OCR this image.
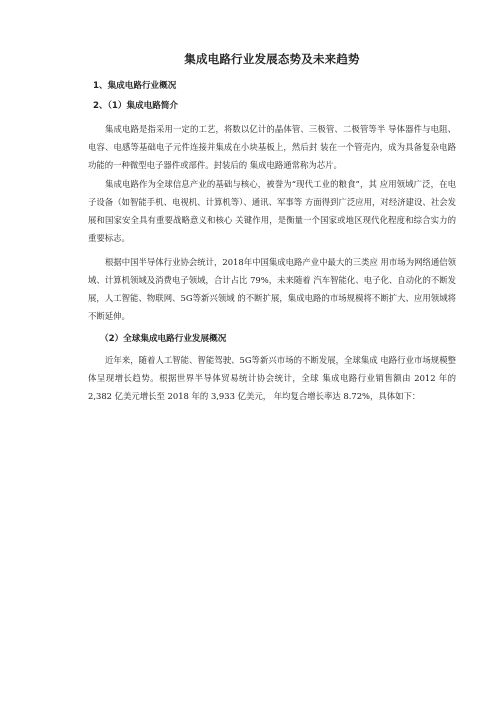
集成电路行业发展态势及未来趋势
1、集成电路行业概况
2、（1）集成电路简介

集成电路是指采用一定的工艺，将数以亿计的晶体管、三极管、二极管等半 导体器件与电阻、电容、电感等基础电子元件连接并集成在小块基板上，然后封 装在一个管壳内，成为具备复杂电路功能的一种微型电子器件或部件。封装后的 集成电路通常称为芯片。

集成电路作为全球信息产业的基础与核心，被誉为“现代工业的粮食”，其 应用领域广泛，在电子设备（如智能手机、电视机、计算机等）、通讯、军事等 方面得到广泛应用，对经济建设、社会发展和国家安全具有重要战略意义和核心 关键作用，是衡量一个国家或地区现代化程度和综合实力的重要标志。

根据中国半导体行业协会统计，2018年中国集成电路产业中最大的三类应 用市场为网络通信领域、计算机领域及消费电子领域，合计占比 79%，未来随着 汽车智能化、电子化、自动化的不断发展，人工智能、物联网、5G等新兴领域 的不断扩展，集成电路的市场规模将不断扩大、应用领域将不断延伸。

（2）全球集成电路行业发展概况

近年来，随着人工智能、智能驾驶、5G等新兴市场的不断发展，全球集成 电路行业市场规模整体呈现增长趋势。根据世界半导体贸易统计协会统计，全球 集成电路行业销售额由 2012 年的 2,382 亿美元增长至 2018 年的 3,933 亿美元， 年均复合增长率达 8.72%，具体如下：
